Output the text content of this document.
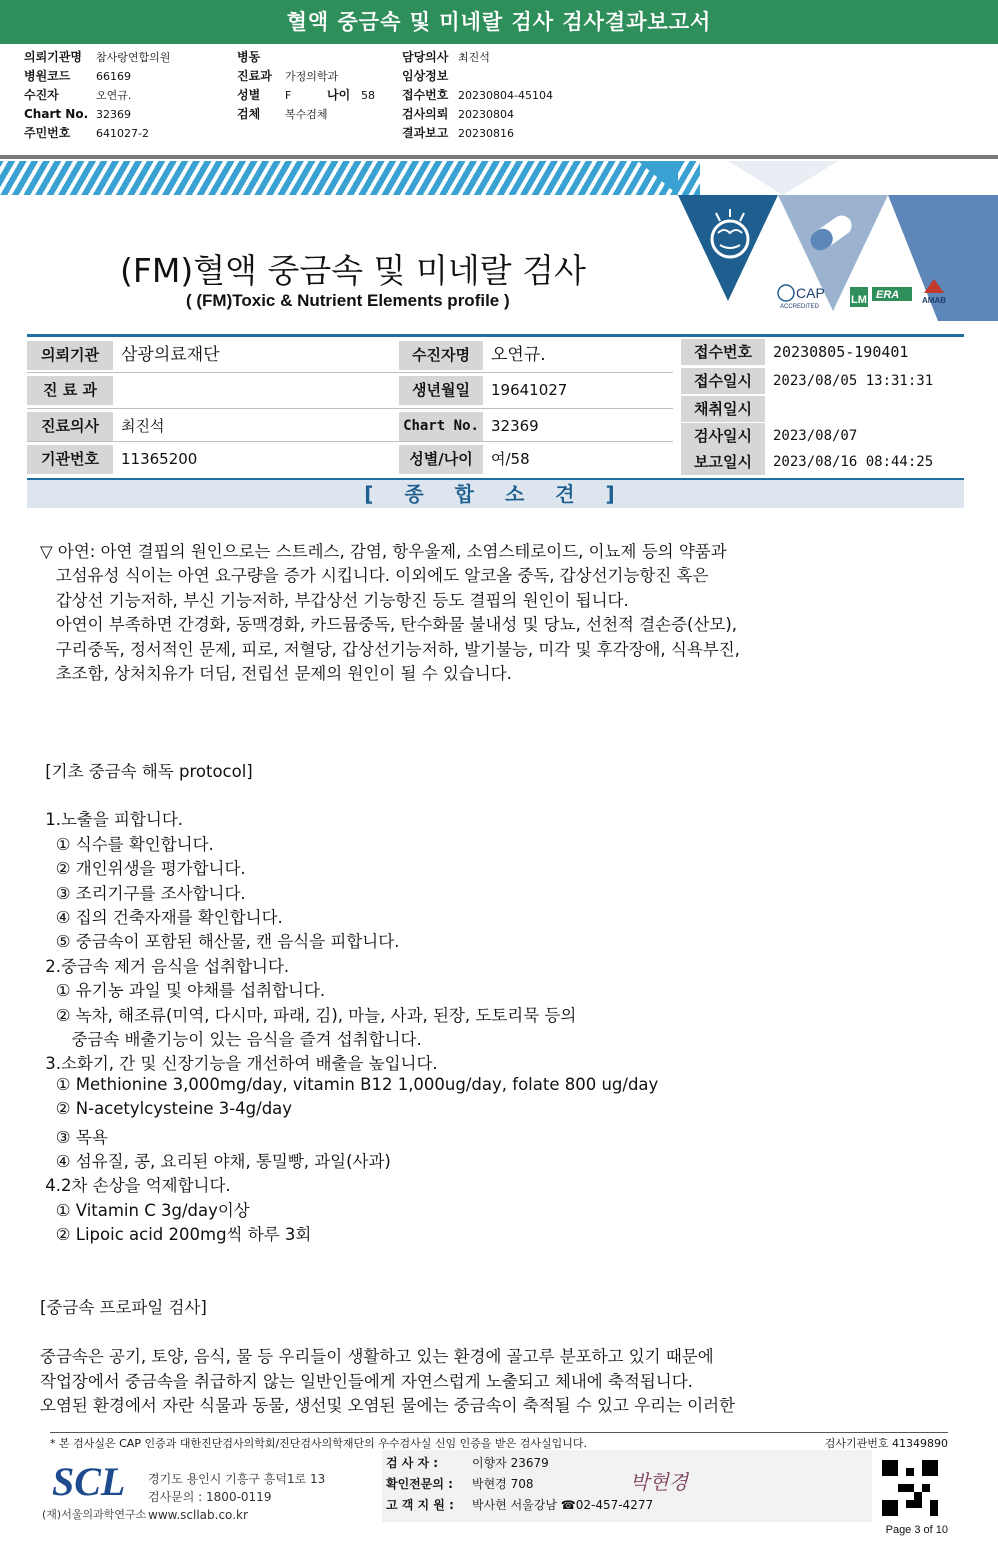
혈액 중금속 및 미네랄 검사 검사결과보고서
의뢰기관명 참사랑연합의원
병원코드 66169
수진자	오연규.
Chart No. 32369
주민번호 641027-2
병동
진료과 가정의학과
성별 F	나이 58
검체 복수검체
담당의사 최진석
임상정보
접수번호 20230804-45104
검사의뢰 20230804
결과보고 20230816
CAP
ACCREDITED
LM ERA	AMAB
(FM)혈액 중금속 및 미네랄 검사
( (FM)Toxic & Nutrient Elements profile )
의뢰기관	삼광의료재단
진 료 과
진료의사	최진석
기관번호	11365200
수진자명	오연규.
생년월일	19641027
Chart No. 32369
성별/나이	여/58
접수번호	20230805-190401
접수일시	2023/08/05 13:31:31
채취일시
검사일시	2023/08/07
보고일시	2023/08/16 08:44:25
[ 종 합 소 견 ]
▽ 아연: 아연 결핍의 원인으로는 스트레스, 감염, 항우울제, 소염스테로이드, 이뇨제 등의 약품과
고섬유성 식이는 아연 요구량을 증가 시킵니다. 이외에도 알코올 중독, 갑상선기능항진 혹은
갑상선 기능저하, 부신 기능저하, 부갑상선 기능항진 등도 결핍의 원인이 됩니다.
아연이 부족하면 간경화, 동맥경화, 카드뮴중독, 탄수화물 불내성 및 당뇨, 선천적 결손증(산모),
구리중독, 정서적인 문제, 피로, 저혈당, 갑상선기능저하, 발기불능, 미각 및 후각장애, 식욕부진,
초조함, 상처치유가 더딤, 전립선 문제의 원인이 될 수 있습니다.
[기초 중금속 해독 protocol]
1.노출을 피합니다.
① 식수를 확인합니다.
② 개인위생을 평가합니다.
③ 조리기구를 조사합니다.
④ 집의 건축자재를 확인합니다.
⑤ 중금속이 포함된 해산물, 캔 음식을 피합니다.
2.중금속 제거 음식을 섭취합니다.
① 유기농 과일 및 야채를 섭취합니다.
② 녹차, 해조류(미역, 다시마, 파래, 김), 마늘, 사과, 된장, 도토리묵 등의
중금속 배출기능이 있는 음식을 즐겨 섭취합니다.
3.소화기, 간 및 신장기능을 개선하여 배출을 높입니다.
① Methionine 3,000mg/day, vitamin B12 1,000ug/day, folate 800 ug/day
② N-acetylcysteine 3-4g/day
③ 목욕
④ 섬유질, 콩, 요리된 야채, 통밀빵, 과일(사과)
4.2차 손상을 억제합니다.
① Vitamin C 3g/day이상
② Lipoic acid 200mg씩 하루 3회
[중금속 프로파일 검사]
중금속은 공기, 토양, 음식, 물 등 우리들이 생활하고 있는 환경에 골고루 분포하고 있기 때문에
작업장에서 중금속을 취급하지 않는 일반인들에게 자연스럽게 노출되고 체내에 축적됩니다.
오염된 환경에서 자란 식물과 동물, 생선및 오염된 물에는 중금속이 축적될 수 있고 우리는 이러한
* 본 검사실은 CAP 인증과 대한진단검사의학회/진단검사의학재단의 우수검사실 신임 인증을 받은 검사실입니다.	검사기관번호 41349890
SCL
(재)서울의과학연구소
경기도 용인시 기흥구 흥덕1로 13
검사문의 : 1800-0119
www.scllab.co.kr
검 사 자 :	이향자 23679
확인전문의 : 박현경 708
고 객 지 원 : 박사현 서울강남 ☎02-457-4277
박현경
Page 3 of 10
